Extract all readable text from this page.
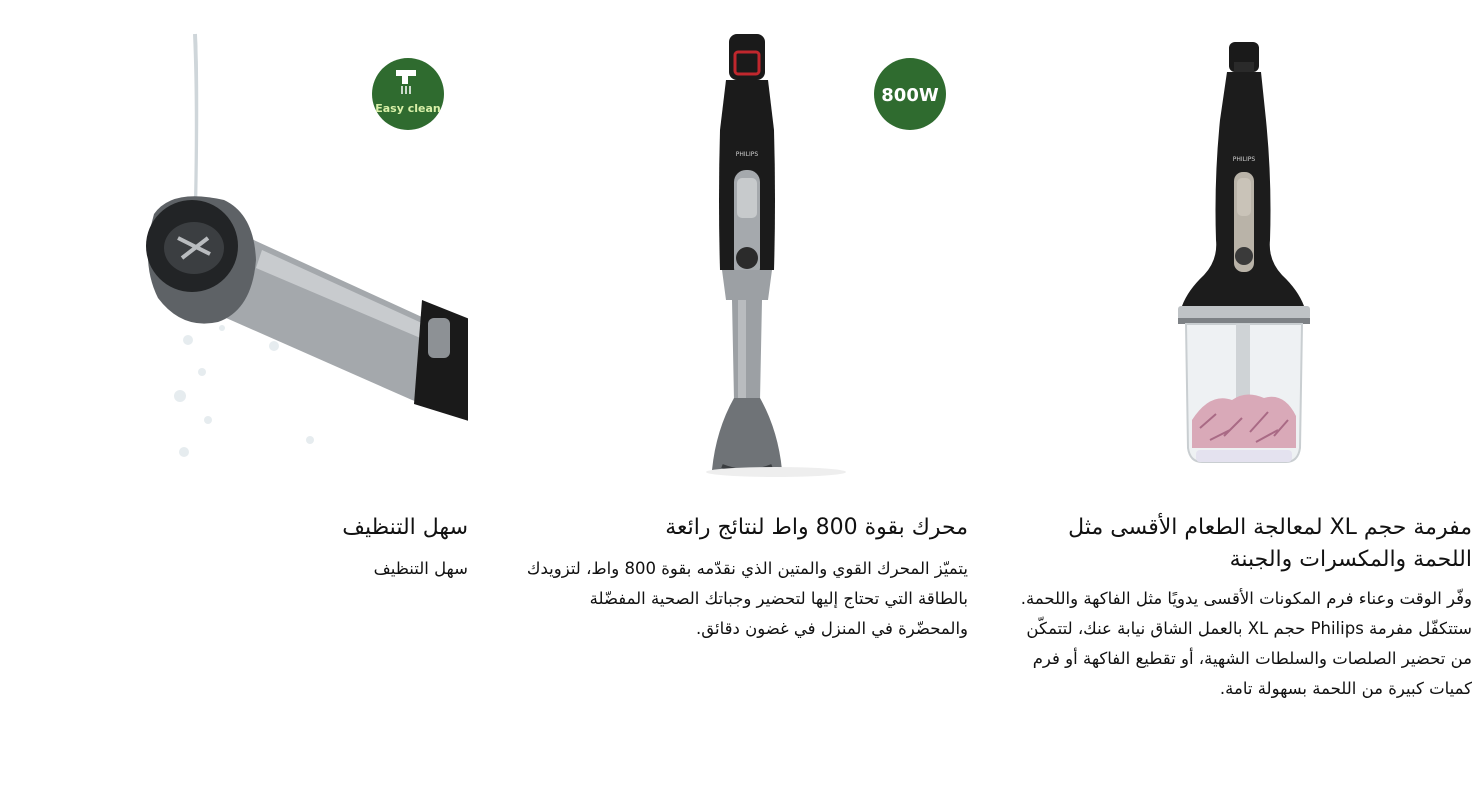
PHILIPS
مفرمة حجم XL لمعالجة الطعام الأقسى مثل اللحمة والمكسرات والجبنة

وفّر الوقت وعناء فرم المكونات الأقسى يدويًا مثل الفاكهة واللحمة. ستتكفّل مفرمة Philips حجم XL بالعمل الشاق نيابة عنك، لتتمكّن من تحضير الصلصات والسلطات الشهية، أو تقطيع الفاكهة أو فرم كميات كبيرة من اللحمة بسهولة تامة.

800W
PHILIPS
محرك بقوة 800 واط لنتائج رائعة

يتميّز المحرك القوي والمتين الذي نقدّمه بقوة 800 واط، لتزويدك بالطاقة التي تحتاج إليها لتحضير وجباتك الصحية المفضّلة والمحضّرة في المنزل في غضون دقائق.

Easy clean
سهل التنظيف

سهل التنظيف
